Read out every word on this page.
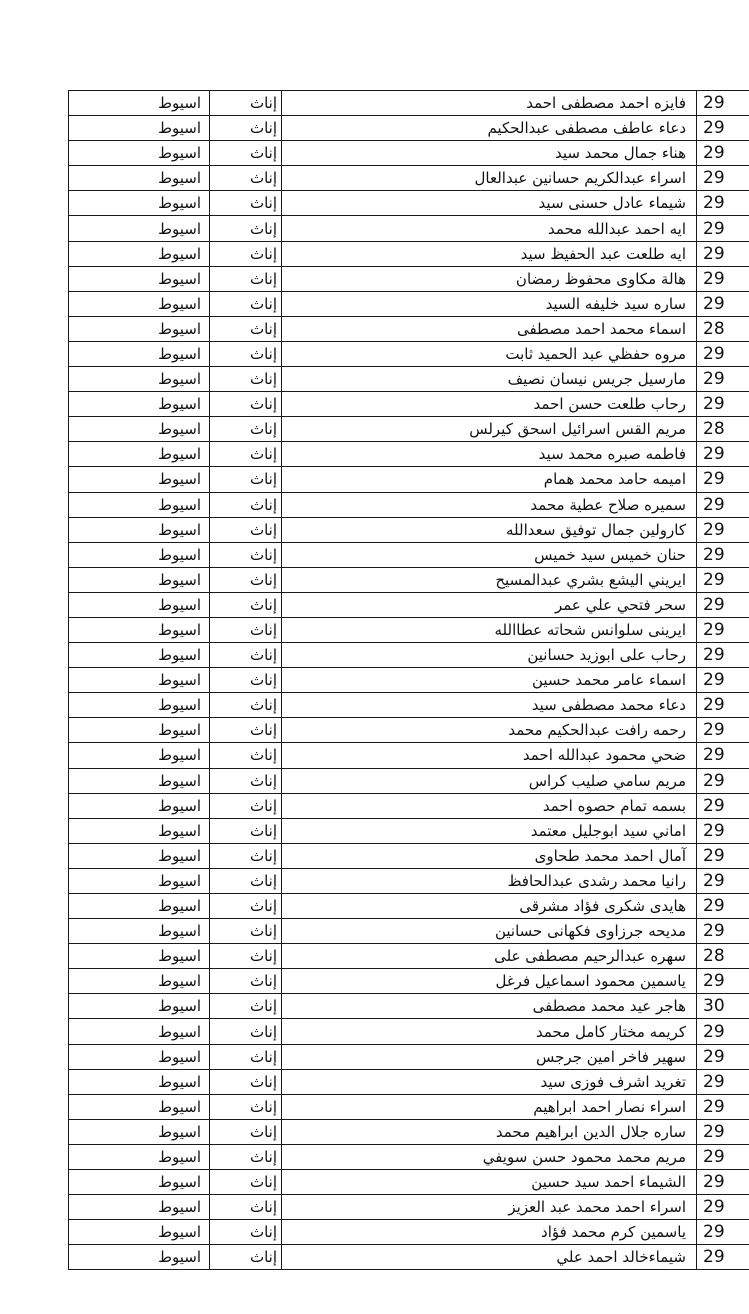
اسيوط	إناث	فايزه احمد مصطفى احمد	29
اسيوط	إناث	دعاء عاطف مصطفى عبدالحكيم	29
اسيوط	إناث	هناء جمال محمد سيد	29
اسيوط	إناث	اسراء عبدالكريم حسانين عبدالعال	29
اسيوط	إناث	شيماء عادل حسنى سيد	29
اسيوط	إناث	ايه احمد عبدالله محمد	29
اسيوط	إناث	ايه طلعت عبد الحفيظ سيد	29
اسيوط	إناث	هالة مكاوى محفوظ رمضان	29
اسيوط	إناث	ساره سيد خليفه السيد	29
اسيوط	إناث	اسماء محمد احمد مصطفى	28
اسيوط	إناث	مروه حفظي عبد الحميد ثابت	29
اسيوط	إناث	مارسيل جريس نيسان نصيف	29
اسيوط	إناث	رحاب طلعت حسن احمد	29
اسيوط	إناث	مريم القس اسرائيل اسحق كيرلس	28
اسيوط	إناث	فاطمه صبره محمد سيد	29
اسيوط	إناث	اميمه حامد محمد همام	29
اسيوط	إناث	سميره صلاح عطية محمد	29
اسيوط	إناث	كارولين جمال توفيق سعدالله	29
اسيوط	إناث	حنان خميس سيد خميس	29
اسيوط	إناث	ايريني اليشع بشري عبدالمسيح	29
اسيوط	إناث	سحر فتحي علي عمر	29
اسيوط	إناث	ايرينى سلوانس شحاته عطاالله	29
اسيوط	إناث	رحاب على ابوزيد حسانين	29
اسيوط	إناث	اسماء عامر محمد حسين	29
اسيوط	إناث	دعاء محمد مصطفى سيد	29
اسيوط	إناث	رحمه رافت عبدالحكيم محمد	29
اسيوط	إناث	ضحي محمود عبدالله احمد	29
اسيوط	إناث	مريم سامي صليب كراس	29
اسيوط	إناث	بسمه تمام حصوه احمد	29
اسيوط	إناث	اماني سيد ابوجليل معتمد	29
اسيوط	إناث	آمال احمد محمد طحاوى	29
اسيوط	إناث	رانيا محمد رشدى عبدالحافظ	29
اسيوط	إناث	هايدى شكرى فؤاد مشرقى	29
اسيوط	إناث	مديحه جرزاوى فكهانى حسانين	29
اسيوط	إناث	سهره عبدالرحيم مصطفى على	28
اسيوط	إناث	ياسمين محمود اسماعيل فرغل	29
اسيوط	إناث	هاجر عيد محمد مصطفى	30
اسيوط	إناث	كريمه مختار كامل محمد	29
اسيوط	إناث	سهير فاخر امين جرجس	29
اسيوط	إناث	تغريد اشرف فوزى سيد	29
اسيوط	إناث	اسراء نصار احمد ابراهيم	29
اسيوط	إناث	ساره جلال الدين ابراهيم محمد	29
اسيوط	إناث	مريم محمد محمود حسن سويفي	29
اسيوط	إناث	الشيماء احمد سيد حسين	29
اسيوط	إناث	اسراء احمد محمد عبد العزيز	29
اسيوط	إناث	ياسمين كرم محمد فؤاد	29
اسيوط	إناث	شيماءخالد احمد علي	29
